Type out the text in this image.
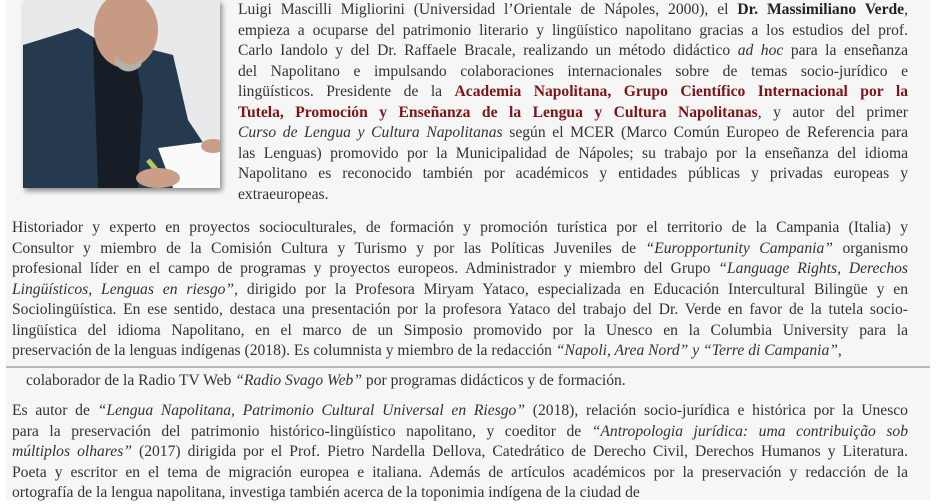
Luigi Mascilli Migliorini (Universidad l’Orientale de Nápoles, 2000), el Dr. Massimiliano Verde,
empieza a ocuparse del patrimonio literario y lingüístico napolitano gracias a los estudios del prof.
Carlo Iandolo y del Dr. Raffaele Bracale, realizando un método didáctico ad hoc para la enseñanza
del Napolitano e impulsando colaboraciones internacionales sobre de temas socio-jurídico e
lingüísticos. Presidente de la Academia Napolitana, Grupo Científico Internacional por la
Tutela, Promoción y Enseñanza de la Lengua y Cultura Napolitanas, y autor del primer
Curso de Lengua y Cultura Napolitanas según el MCER (Marco Común Europeo de Referencia para
las Lenguas) promovido por la Municipalidad de Nápoles; su trabajo por la enseñanza del idioma
Napolitano es reconocido también por académicos y entidades públicas y privadas europeas y
extraeuropeas.
Historiador y experto en proyectos socioculturales, de formación y promoción turística por el territorio de la Campania (Italia) y
Consultor y miembro de la Comisión Cultura y Turismo y por las Políticas Juveniles de “Europportunity Campania” organismo
profesional líder en el campo de programas y proyectos europeos. Administrador y miembro del Grupo “Language Rights, Derechos
Lingüísticos, Lenguas en riesgo”, dirigido por la Profesora Miryam Yataco, especializada en Educación Intercultural Bilingüe y en
Sociolingüística. En ese sentido, destaca una presentación por la profesora Yataco del trabajo del Dr. Verde en favor de la tutela socio-
lingüística del idioma Napolitano, en el marco de un Simposio promovido por la Unesco en la Columbia University para la
preservación de la lenguas indígenas (2018). Es columnista y miembro de la redacción “Napoli, Area Nord” y “Terre di Campania”,
colaborador de la Radio TV Web “Radio Svago Web” por programas didácticos y de formación.
Es autor de “Lengua Napolitana, Patrimonio Cultural Universal en Riesgo” (2018), relación socio-jurídica e histórica por la Unesco
para la preservación del patrimonio histórico-lingüístico napolitano, y coeditor de “Antropologia jurídica: uma contribuição sob
múltiplos olhares” (2017) dirigida por el Prof. Pietro Nardella Dellova, Catedrático de Derecho Civil, Derechos Humanos y Literatura.
Poeta y escritor en el tema de migración europea e italiana. Además de artículos académicos por la preservación y redacción de la
ortografía de la lengua napolitana, investiga también acerca de la toponimia indígena de la ciudad de
